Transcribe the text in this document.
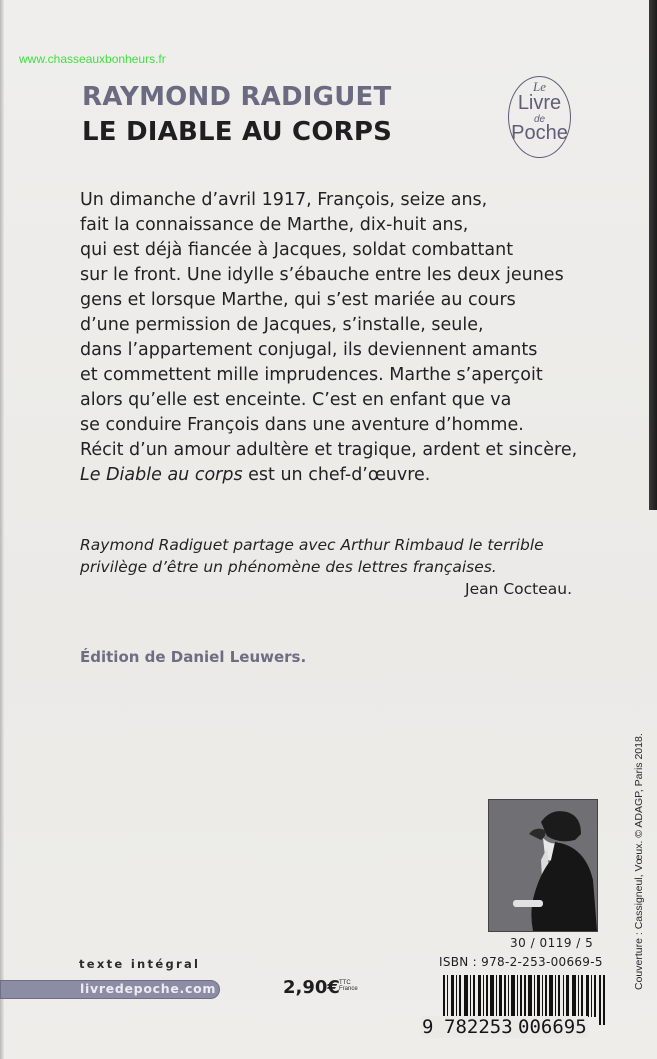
www.chasseauxbonheurs.fr
RAYMOND RADIGUET
LE DIABLE AU CORPS
Le
Livre
de
Poche
Un dimanche d’avril 1917, François, seize ans,
fait la connaissance de Marthe, dix-huit ans,
qui est déjà fiancée à Jacques, soldat combattant
sur le front. Une idylle s’ébauche entre les deux jeunes
gens et lorsque Marthe, qui s’est mariée au cours
d’une permission de Jacques, s’installe, seule,
dans l’appartement conjugal, ils deviennent amants
et commettent mille imprudences. Marthe s’aperçoit
alors qu’elle est enceinte. C’est en enfant que va
se conduire François dans une aventure d’homme.
Récit d’un amour adultère et tragique, ardent et sincère,
Le Diable au corps est un chef-d’œuvre.
Raymond Radiguet partage avec Arthur Rimbaud le terrible
privilège d’être un phénomène des lettres françaises.
Jean Cocteau.
Édition de Daniel Leuwers.
Couverture : Cassigneul, Vœux. © ADAGP, Paris 2018.
30 / 0119 / 5
ISBN : 978-2-253-00669-5
9 782253 006695
texte intégral
livredepoche.com	2,90€ TTC
France
